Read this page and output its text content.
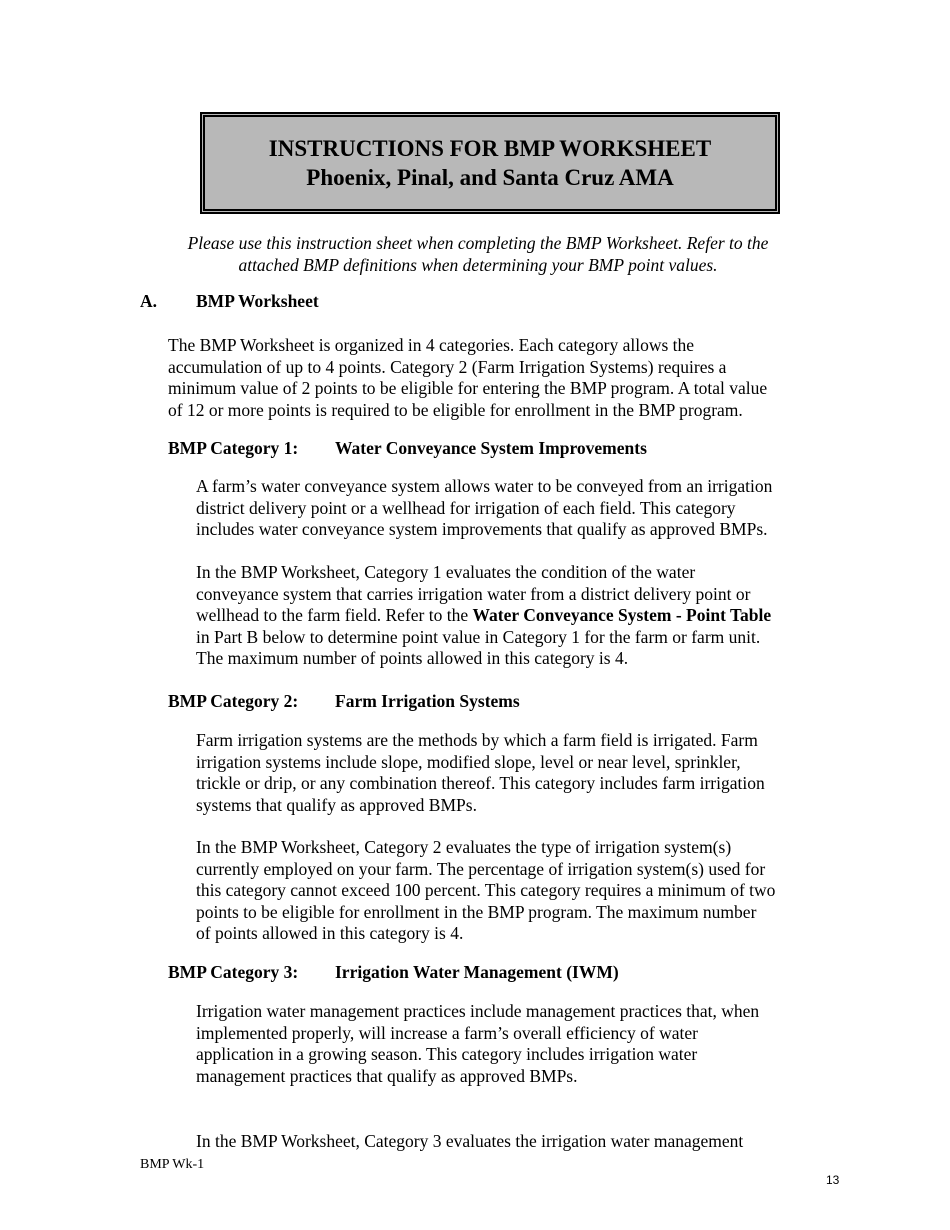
INSTRUCTIONS FOR BMP WORKSHEET
Phoenix, Pinal, and Santa Cruz AMA
Please use this instruction sheet when completing the BMP Worksheet. Refer to the
attached BMP definitions when determining your BMP point values.
A. BMP Worksheet
The BMP Worksheet is organized in 4 categories. Each category allows the
accumulation of up to 4 points. Category 2 (Farm Irrigation Systems) requires a
minimum value of 2 points to be eligible for entering the BMP program. A total value
of 12 or more points is required to be eligible for enrollment in the BMP program.
BMP Category 1: Water Conveyance System Improvements
A farm’s water conveyance system allows water to be conveyed from an irrigation
district delivery point or a wellhead for irrigation of each field. This category
includes water conveyance system improvements that qualify as approved BMPs.
In the BMP Worksheet, Category 1 evaluates the condition of the water
conveyance system that carries irrigation water from a district delivery point or
wellhead to the farm field. Refer to the Water Conveyance System - Point Table
in Part B below to determine point value in Category 1 for the farm or farm unit.
The maximum number of points allowed in this category is 4.
BMP Category 2: Farm Irrigation Systems
Farm irrigation systems are the methods by which a farm field is irrigated. Farm
irrigation systems include slope, modified slope, level or near level, sprinkler,
trickle or drip, or any combination thereof. This category includes farm irrigation
systems that qualify as approved BMPs.
In the BMP Worksheet, Category 2 evaluates the type of irrigation system(s)
currently employed on your farm. The percentage of irrigation system(s) used for
this category cannot exceed 100 percent. This category requires a minimum of two
points to be eligible for enrollment in the BMP program. The maximum number
of points allowed in this category is 4.
BMP Category 3: Irrigation Water Management (IWM)
Irrigation water management practices include management practices that, when
implemented properly, will increase a farm’s overall efficiency of water
application in a growing season. This category includes irrigation water
management practices that qualify as approved BMPs.
In the BMP Worksheet, Category 3 evaluates the irrigation water management
BMP Wk-1
13
